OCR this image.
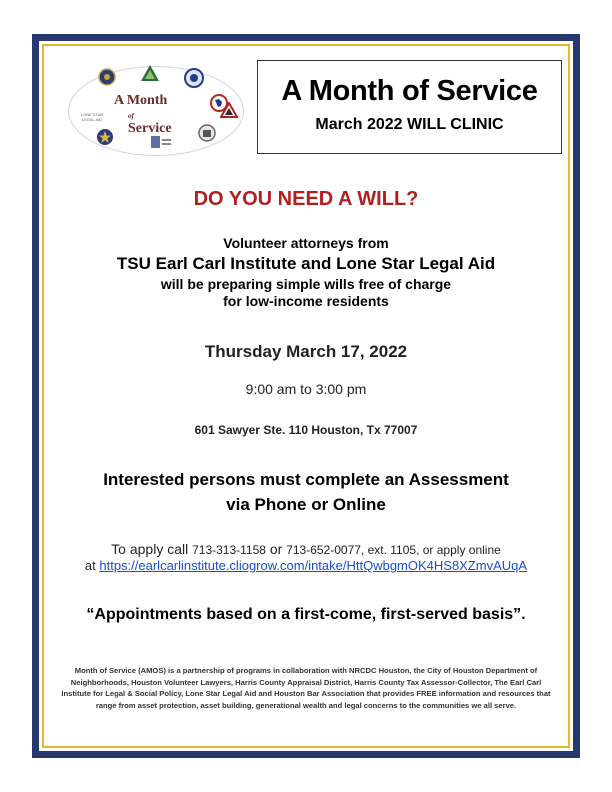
LONE STAR LEGAL AID
A Month
of
Service
A Month of Service
March 2022 WILL CLINIC
DO YOU NEED A WILL?
Volunteer attorneys from
TSU Earl Carl Institute and Lone Star Legal Aid
will be preparing simple wills free of charge
for low-income residents
Thursday March 17, 2022
9:00 am to 3:00 pm
601 Sawyer Ste. 110 Houston, Tx 77007
Interested persons must complete an Assessment
via Phone or Online
To apply call 713-313-1158 or 713-652-0077, ext. 1105, or apply online
at https://earlcarlinstitute.cliogrow.com/intake/HttQwbgmOK4HS8XZmvAUqA
“Appointments based on a first-come, first-served basis”.
Month of Service (AMOS) is a partnership of programs in collaboration with NRCDC Houston, the City of Houston Department of Neighborhoods, Houston Volunteer Lawyers, Harris County Appraisal District, Harris County Tax Assessor-Collector, The Earl Carl Institute for Legal & Social Policy, Lone Star Legal Aid and Houston Bar Association that provides FREE information and resources that range from asset protection, asset building, generational wealth and legal concerns to the communities we all serve.
